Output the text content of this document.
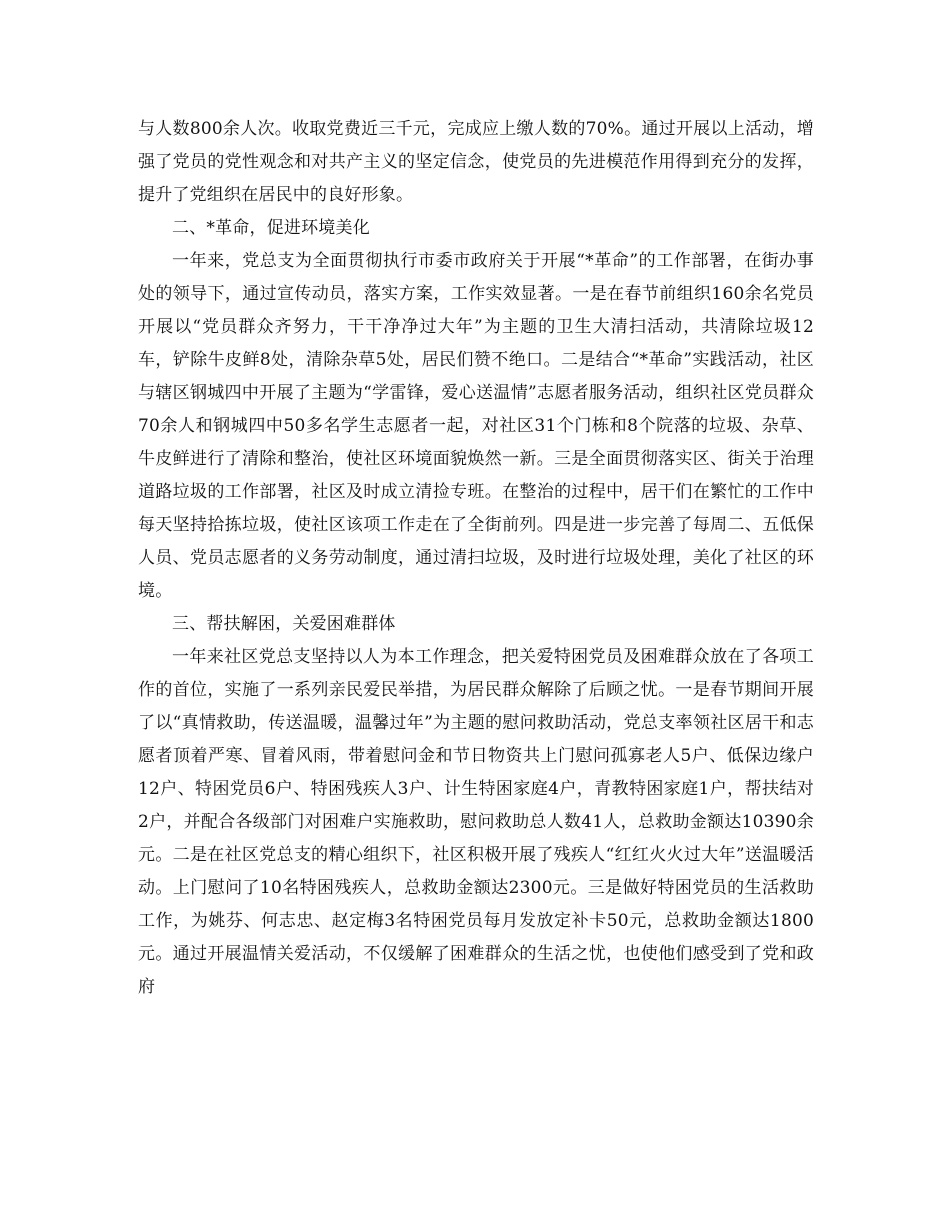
与人数800余人次。收取党费近三千元，完成应上缴人数的70%。通过开展以上活动，增强了党员的党性观念和对共产主义的坚定信念，使党员的先进模范作用得到充分的发挥，提升了党组织在居民中的良好形象。

二、*革命，促进环境美化

一年来，党总支为全面贯彻执行市委市政府关于开展“*革命”的工作部署，在街办事处的领导下，通过宣传动员，落实方案，工作实效显著。一是在春节前组织160余名党员开展以“党员群众齐努力，干干净净过大年”为主题的卫生大清扫活动，共清除垃圾12车，铲除牛皮鲜8处，清除杂草5处，居民们赞不绝口。二是结合“*革命”实践活动，社区与辖区钢城四中开展了主题为“学雷锋，爱心送温情”志愿者服务活动，组织社区党员群众70余人和钢城四中50多名学生志愿者一起，对社区31个门栋和8个院落的垃圾、杂草、牛皮鲜进行了清除和整治，使社区环境面貌焕然一新。三是全面贯彻落实区、街关于治理道路垃圾的工作部署，社区及时成立清捡专班。在整治的过程中，居干们在繁忙的工作中每天坚持拾拣垃圾，使社区该项工作走在了全街前列。四是进一步完善了每周二、五低保人员、党员志愿者的义务劳动制度，通过清扫垃圾，及时进行垃圾处理，美化了社区的环境。

三、帮扶解困，关爱困难群体

一年来社区党总支坚持以人为本工作理念，把关爱特困党员及困难群众放在了各项工作的首位，实施了一系列亲民爱民举措，为居民群众解除了后顾之忧。一是春节期间开展了以“真情救助，传送温暖，温馨过年”为主题的慰问救助活动，党总支率领社区居干和志愿者顶着严寒、冒着风雨，带着慰问金和节日物资共上门慰问孤寡老人5户、低保边缘户12户、特困党员6户、特困残疾人3户、计生特困家庭4户，青教特困家庭1户，帮扶结对2户，并配合各级部门对困难户实施救助，慰问救助总人数41人，总救助金额达10390余元。二是在社区党总支的精心组织下，社区积极开展了残疾人“红红火火过大年”送温暖活动。上门慰问了10名特困残疾人，总救助金额达2300元。三是做好特困党员的生活救助工作，为姚芬、何志忠、赵定梅3名特困党员每月发放定补卡50元，总救助金额达1800元。通过开展温情关爱活动，不仅缓解了困难群众的生活之忧，也使他们感受到了党和政府
